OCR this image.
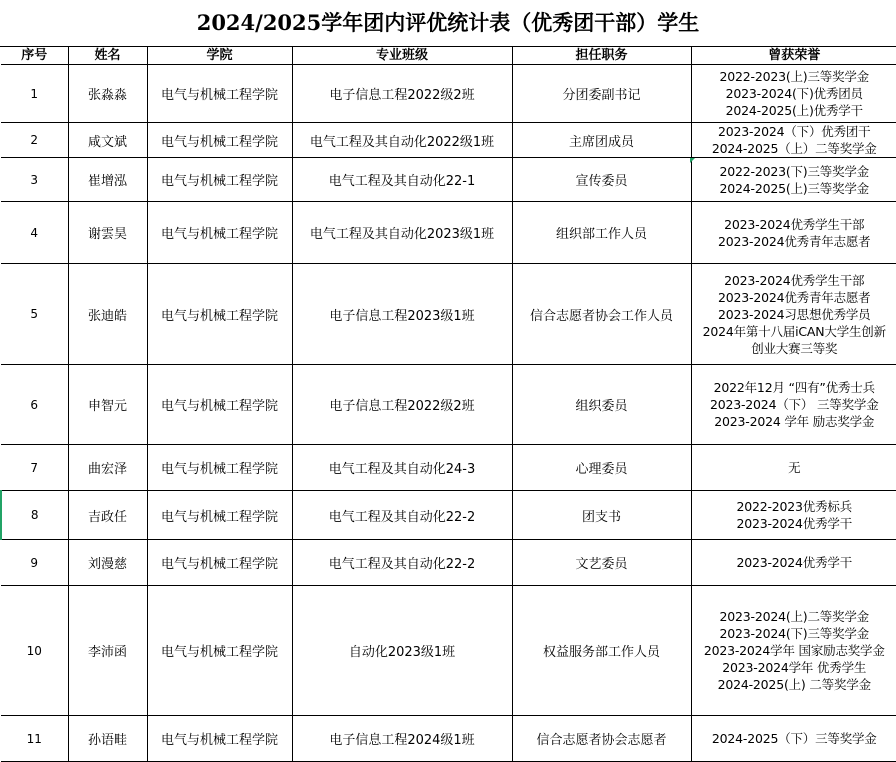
2024/2025学年团内评优统计表（优秀团干部）学生
序号	姓名	学院	专业班级	担任职务	曾获荣誉
1	张淼淼	电气与机械工程学院	电子信息工程2022级2班	分团委副书记	2022-2023(上)三等奖学金
2023-2024(下)优秀团员
2024-2025(上)优秀学干

2	咸文斌	电气与机械工程学院	电气工程及其自动化2022级1班	主席团成员	2023-2024（下）优秀团干
2024-2025（上）二等奖学金

3	崔增泓	电气与机械工程学院	电气工程及其自动化22-1	宣传委员	2022-2023(下)三等奖学金
2024-2025(上)三等奖学金

4	谢雲昊	电气与机械工程学院	电气工程及其自动化2023级1班	组织部工作人员	2023-2024优秀学生干部
2023-2024优秀青年志愿者

5	张迪皓	电气与机械工程学院	电子信息工程2023级1班	信合志愿者协会工作人员	2023-2024优秀学生干部
2023-2024优秀青年志愿者
2023-2024习思想优秀学员
2024年第十八届iCAN大学生创新
创业大赛三等奖

6	申智元	电气与机械工程学院	电子信息工程2022级2班	组织委员	2022年12月 “四有”优秀士兵
2023-2024（下） 三等奖学金
2023-2024 学年 励志奖学金

7	曲宏泽	电气与机械工程学院	电气工程及其自动化24-3	心理委员	无

8	吉政任	电气与机械工程学院	电气工程及其自动化22-2	团支书	2022-2023优秀标兵
2023-2024优秀学干

9	刘漫慈	电气与机械工程学院	电气工程及其自动化22-2	文艺委员	2023-2024优秀学干

10	李沛函	电气与机械工程学院	自动化2023级1班	权益服务部工作人员	2023-2024(上)二等奖学金
2023-2024(下)三等奖学金
2023-2024学年 国家励志奖学金
2023-2024学年 优秀学生
2024-2025(上) 二等奖学金

11	孙语畦	电气与机械工程学院	电子信息工程2024级1班	信合志愿者协会志愿者	2024-2025（下）三等奖学金
